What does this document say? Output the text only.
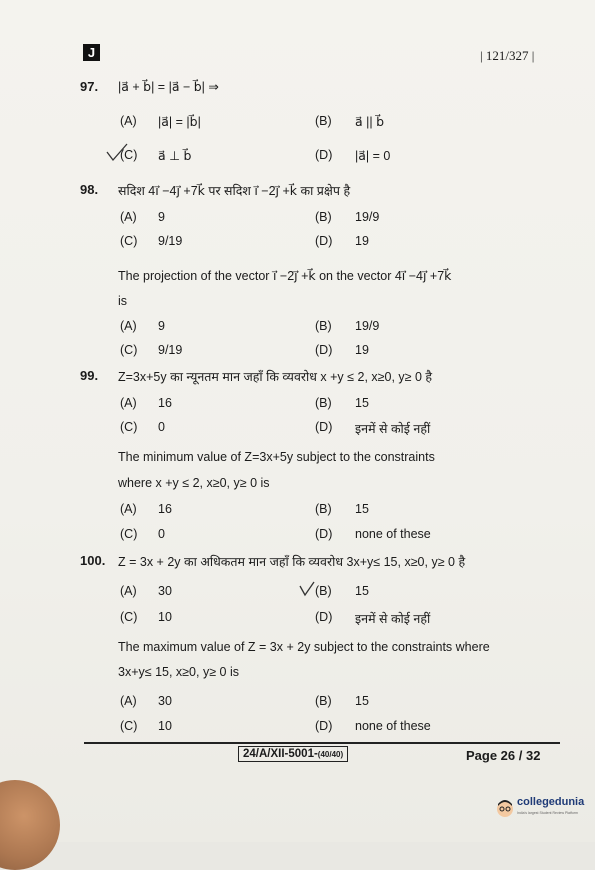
J	| 121/327 |
97. |a⃗ + b⃗| = |a⃗ − b⃗| ⇒
(A) |a⃗| = |b⃗|	(B) a⃗ || b⃗
(C) a⃗ ⊥ b⃗	(D) |a⃗| = 0
98. सदिश 4i⃗ −4j⃗ +7k⃗ पर सदिश i⃗ −2j⃗ +k⃗ का प्रक्षेप है
(A) 9	(B) 19/9
(C) 9/19	(D) 19
The projection of the vector i⃗ −2j⃗ +k⃗ on the vector 4i⃗ −4j⃗ +7k⃗
is
(A) 9	(B) 19/9
(C) 9/19	(D) 19
99. Z=3x+5y का न्यूनतम मान जहाँ कि व्यवरोध x +y ≤ 2, x≥0, y≥ 0 है
(A) 16	(B) 15
(C) 0	(D) इनमें से कोई नहीं
The minimum value of Z=3x+5y subject to the constraints
where x +y ≤ 2, x≥0, y≥ 0 is
(A) 16	(B) 15
(C) 0	(D) none of these
100. Z = 3x + 2y का अधिकतम मान जहाँ कि व्यवरोध 3x+y≤ 15, x≥0, y≥ 0 है
(A) 30	(B) 15
(C) 10	(D) इनमें से कोई नहीं
The maximum value of Z = 3x + 2y subject to the constraints where
3x+y≤ 15, x≥0, y≥ 0 is
(A) 30	(B) 15
(C) 10	(D) none of these
24/A/XII-5001-(40/40)	Page 26 / 32
collegedunia
India's largest Student Review Platform
